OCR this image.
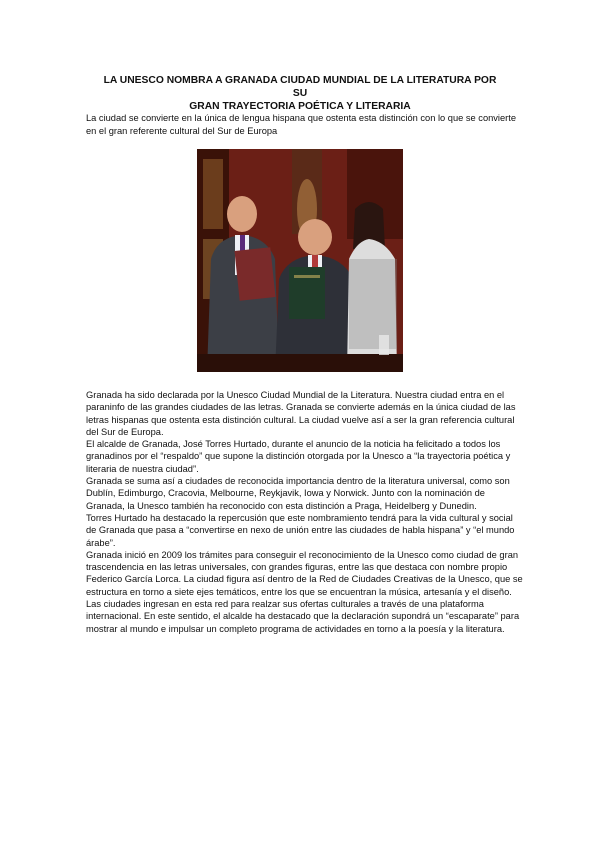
LA UNESCO NOMBRA A GRANADA CIUDAD MUNDIAL DE LA LITERATURA POR SU
GRAN TRAYECTORIA POÉTICA Y LITERARIA
La ciudad se convierte en la única de lengua hispana que ostenta esta distinción con lo que se convierte
en el gran referente cultural del Sur de Europa
Granada ha sido declarada por la Unesco Ciudad Mundial de la Literatura. Nuestra ciudad entra en el
paraninfo de las grandes ciudades de las letras. Granada se convierte además en la única ciudad de las
letras hispanas que ostenta esta distinción cultural. La ciudad vuelve así a ser la gran referencia cultural
del Sur de Europa.
El alcalde de Granada, José Torres Hurtado, durante el anuncio de la noticia ha felicitado a todos los
granadinos por el “respaldo” que supone la distinción otorgada por la Unesco a “la trayectoria poética y
literaria de nuestra ciudad”.
Granada se suma así a ciudades de reconocida importancia dentro de la literatura universal, como son
Dublín, Edimburgo, Cracovia, Melbourne, Reykjavik, Iowa y Norwick. Junto con la nominación de
Granada, la Unesco también ha reconocido con esta distinción a Praga, Heidelberg y Dunedin.
Torres Hurtado ha destacado la repercusión que este nombramiento tendrá para la vida cultural y social
de Granada que pasa a “convertirse en nexo de unión entre las ciudades de habla hispana” y “el mundo
árabe”.
Granada inició en 2009 los trámites para conseguir el reconocimiento de la Unesco como ciudad de gran
trascendencia en las letras universales, con grandes figuras, entre las que destaca con nombre propio
Federico García Lorca. La ciudad figura así dentro de la Red de Ciudades Creativas de la Unesco, que se
estructura en torno a siete ejes temáticos, entre los que se encuentran la música, artesanía y el diseño.
Las ciudades ingresan en esta red para realzar sus ofertas culturales a través de una plataforma
internacional. En este sentido, el alcalde ha destacado que la declaración supondrá un “escaparate” para
mostrar al mundo e impulsar un completo programa de actividades en torno a la poesía y la literatura.
